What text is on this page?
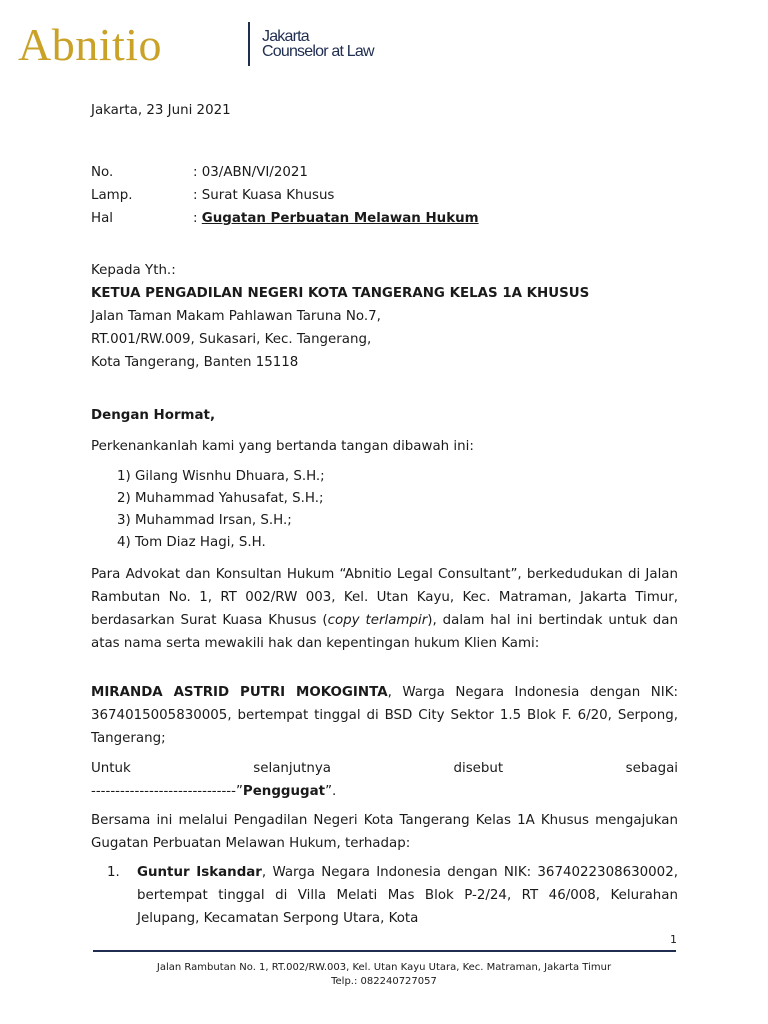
Abnitio	Jakarta
Counselor at Law
Jakarta, 23 Juni 2021
No.	: 03/ABN/VI/2021
Lamp.	: Surat Kuasa Khusus
Hal	: Gugatan Perbuatan Melawan Hukum
Kepada Yth.:
KETUA PENGADILAN NEGERI KOTA TANGERANG KELAS 1A KHUSUS
Jalan Taman Makam Pahlawan Taruna No.7,
RT.001/RW.009, Sukasari, Kec. Tangerang,
Kota Tangerang, Banten 15118
Dengan Hormat,
Perkenankanlah kami yang bertanda tangan dibawah ini:
1) Gilang Wisnhu Dhuara, S.H.;
2) Muhammad Yahusafat, S.H.;
3) Muhammad Irsan, S.H.;
4) Tom Diaz Hagi, S.H.
Para Advokat dan Konsultan Hukum “Abnitio Legal Consultant”, berkedudukan di Jalan Rambutan No. 1, RT 002/RW 003, Kel. Utan Kayu, Kec. Matraman, Jakarta Timur, berdasarkan Surat Kuasa Khusus (copy terlampir), dalam hal ini bertindak untuk dan atas nama serta mewakili hak dan kepentingan hukum Klien Kami:
MIRANDA ASTRID PUTRI MOKOGINTA, Warga Negara Indonesia dengan NIK: 3674015005830005, bertempat tinggal di BSD City Sektor 1.5 Blok F. 6/20, Serpong, Tangerang;
Untuk selanjutnya disebut sebagai
------------------------------”Penggugat”.
Bersama ini melalui Pengadilan Negeri Kota Tangerang Kelas 1A Khusus mengajukan Gugatan Perbuatan Melawan Hukum, terhadap:
1. Guntur Iskandar, Warga Negara Indonesia dengan NIK: 3674022308630002, bertempat tinggal di Villa Melati Mas Blok P-2/24, RT 46/008, Kelurahan Jelupang, Kecamatan Serpong Utara, Kota
1
Jalan Rambutan No. 1, RT.002/RW.003, Kel. Utan Kayu Utara, Kec. Matraman, Jakarta Timur
Telp.: 082240727057
